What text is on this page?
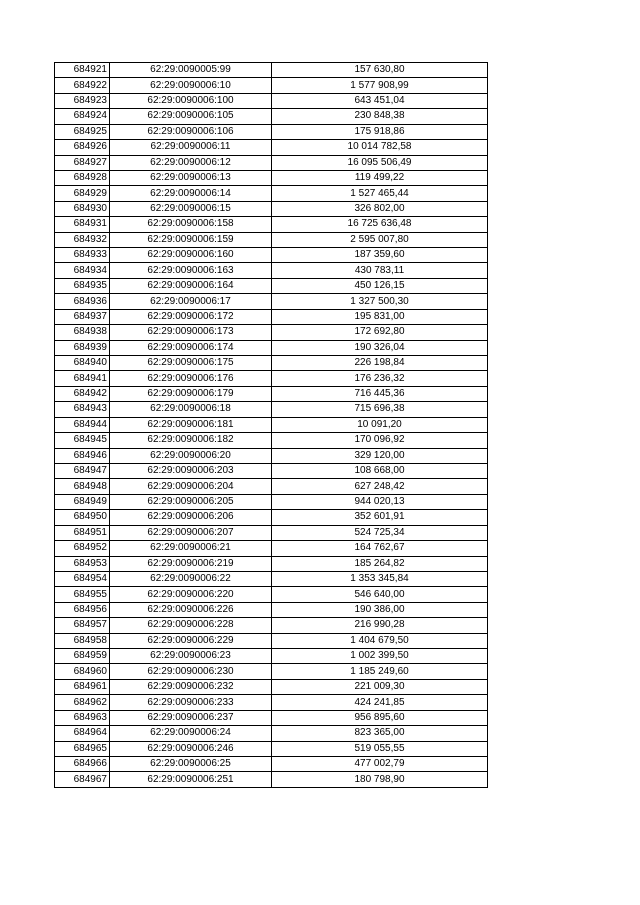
684921	62:29:0090005:99	157 630,80
684922	62:29:0090006:10	1 577 908,99
684923	62:29:0090006:100	643 451,04
684924	62:29:0090006:105	230 848,38
684925	62:29:0090006:106	175 918,86
684926	62:29:0090006:11	10 014 782,58
684927	62:29:0090006:12	16 095 506,49
684928	62:29:0090006:13	119 499,22
684929	62:29:0090006:14	1 527 465,44
684930	62:29:0090006:15	326 802,00
684931	62:29:0090006:158	16 725 636,48
684932	62:29:0090006:159	2 595 007,80
684933	62:29:0090006:160	187 359,60
684934	62:29:0090006:163	430 783,11
684935	62:29:0090006:164	450 126,15
684936	62:29:0090006:17	1 327 500,30
684937	62:29:0090006:172	195 831,00
684938	62:29:0090006:173	172 692,80
684939	62:29:0090006:174	190 326,04
684940	62:29:0090006:175	226 198,84
684941	62:29:0090006:176	176 236,32
684942	62:29:0090006:179	716 445,36
684943	62:29:0090006:18	715 696,38
684944	62:29:0090006:181	10 091,20
684945	62:29:0090006:182	170 096,92
684946	62:29:0090006:20	329 120,00
684947	62:29:0090006:203	108 668,00
684948	62:29:0090006:204	627 248,42
684949	62:29:0090006:205	944 020,13
684950	62:29:0090006:206	352 601,91
684951	62:29:0090006:207	524 725,34
684952	62:29:0090006:21	164 762,67
684953	62:29:0090006:219	185 264,82
684954	62:29:0090006:22	1 353 345,84
684955	62:29:0090006:220	546 640,00
684956	62:29:0090006:226	190 386,00
684957	62:29:0090006:228	216 990,28
684958	62:29:0090006:229	1 404 679,50
684959	62:29:0090006:23	1 002 399,50
684960	62:29:0090006:230	1 185 249,60
684961	62:29:0090006:232	221 009,30
684962	62:29:0090006:233	424 241,85
684963	62:29:0090006:237	956 895,60
684964	62:29:0090006:24	823 365,00
684965	62:29:0090006:246	519 055,55
684966	62:29:0090006:25	477 002,79
684967	62:29:0090006:251	180 798,90
